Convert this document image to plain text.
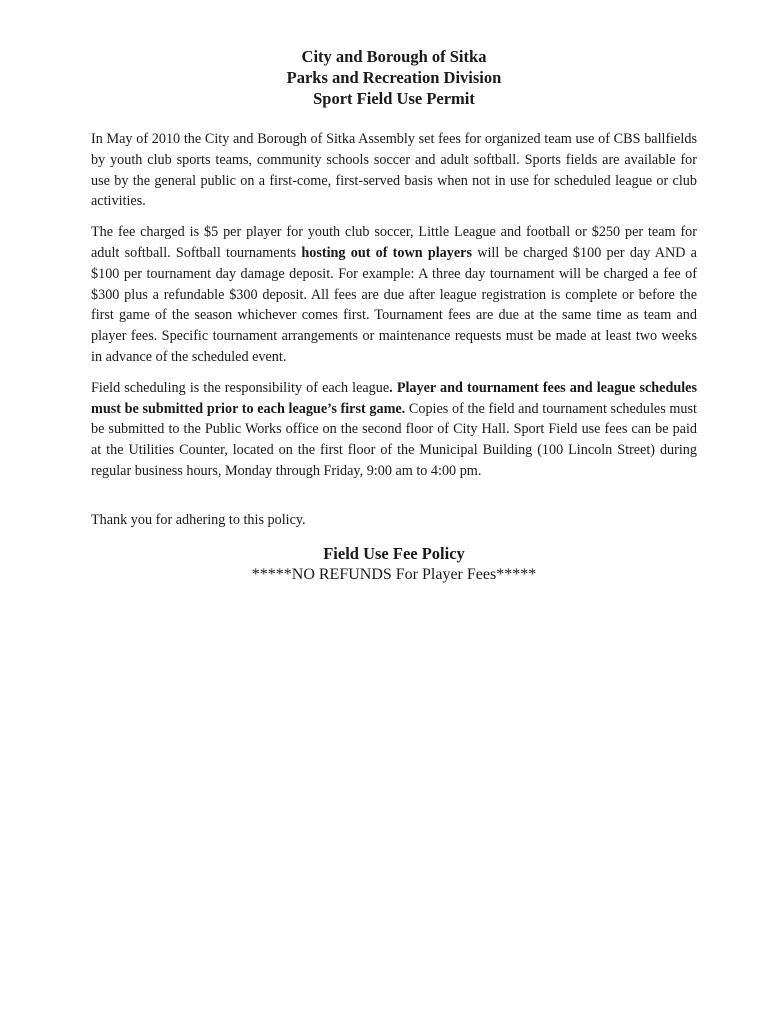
City and Borough of Sitka
Parks and Recreation Division
Sport Field Use Permit

In May of 2010 the City and Borough of Sitka Assembly set fees for organized team use of CBS ballfields by youth club sports teams, community schools soccer and adult softball. Sports fields are available for use by the general public on a first-come, first-served basis when not in use for scheduled league or club activities.

The fee charged is $5 per player for youth club soccer, Little League and football or $250 per team for adult softball. Softball tournaments hosting out of town players will be charged $100 per day AND a $100 per tournament day damage deposit. For example: A three day tournament will be charged a fee of $300 plus a refundable $300 deposit. All fees are due after league registration is complete or before the first game of the season whichever comes first. Tournament fees are due at the same time as team and player fees. Specific tournament arrangements or maintenance requests must be made at least two weeks in advance of the scheduled event.

Field scheduling is the responsibility of each league. Player and tournament fees and league schedules must be submitted prior to each league’s first game. Copies of the field and tournament schedules must be submitted to the Public Works office on the second floor of City Hall. Sport Field use fees can be paid at the Utilities Counter, located on the first floor of the Municipal Building (100 Lincoln Street) during regular business hours, Monday through Friday, 9:00 am to 4:00 pm.

Thank you for adhering to this policy.

Field Use Fee Policy
*****NO REFUNDS For Player Fees*****
